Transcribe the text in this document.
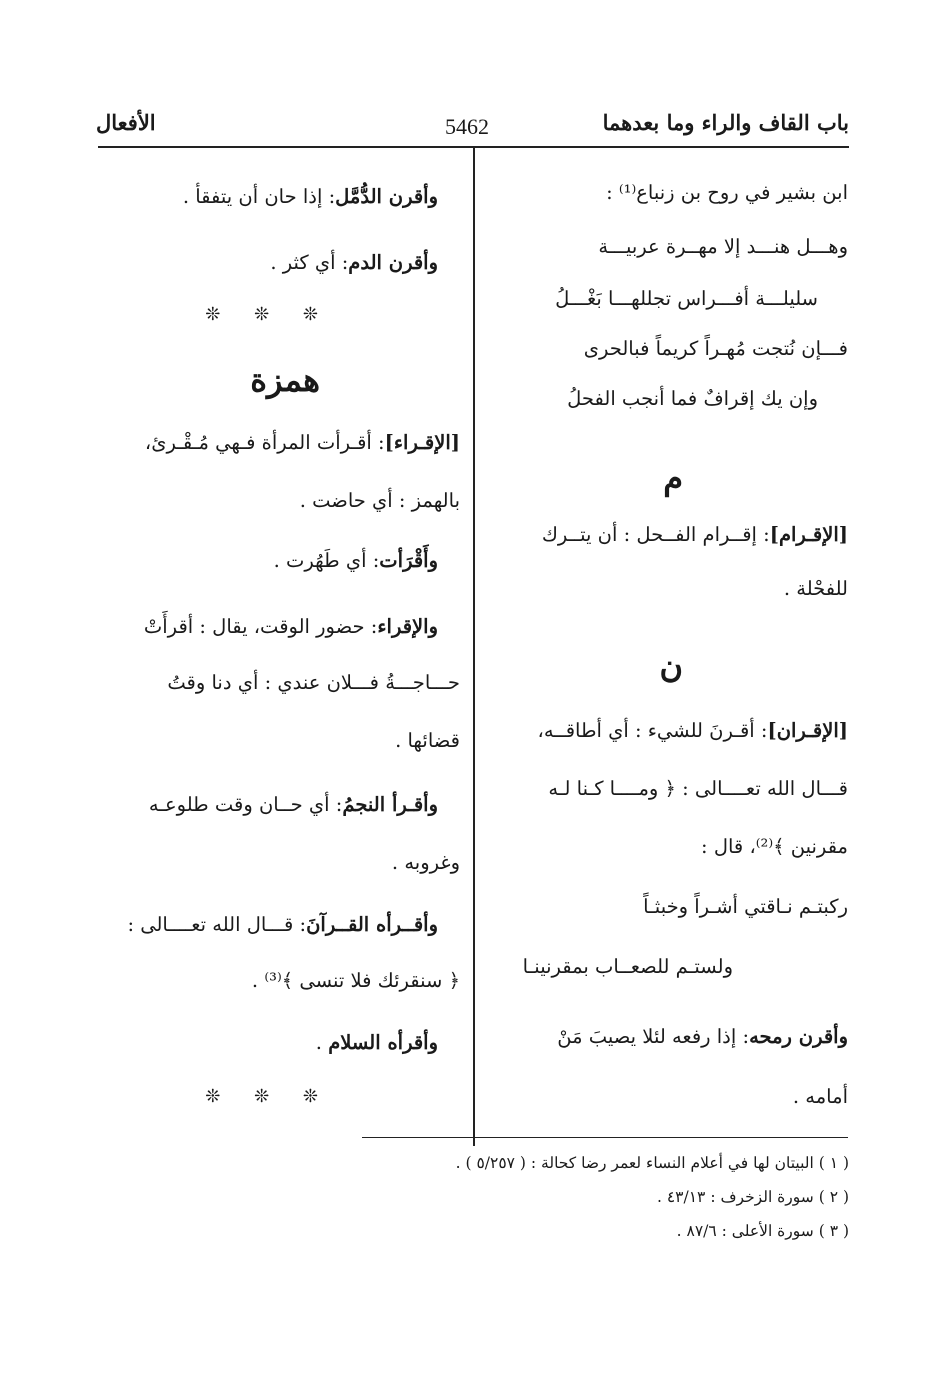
باب القاف والراء وما بعدهما
5462
الأفعال
ابن بشير في روح بن زنباع⁽¹⁾ :
وهـــل هنـــد إلا مهــرة عربيـــة
سليلـــة أفـــراس تجللهـــا بَغْـــلُ
فـــإن نُتجت مُهـراً كريماً فبالحرى
وإن يك إقرافٌ فما أنجب الفحلُ
م
[الإقـرام]: إقــرام الفــحل : أن يتــرك
للفحْلة .
ن
[الإقـران]: أقـرنَ للشيء : أي أطاقــه،
قـــال الله تعــــالى : ﴿ ومــــا كـنا لـه
مقرنين ﴾⁽²⁾، قال :
ركبتـم نـاقتي أشـراً وخبثـاً
ولستـم للصعــاب بمقرنينـا
وأقرن رمحه: إذا رفعه لئلا يصيبَ مَنْ
أمامه .
وأقرن الدُّمَّل: إذا حان أن يتفقأ .
وأقرن الدم: أي كثر .
❊ ❊ ❊
همزة
[الإقـراء]: أقـرأت المرأة فـهي مُـقْـرئ،
بالهمز : أي حاضت .
وأَقْرَأت: أي طَهُرت .
والإقراء: حضور الوقت، يقال : أقرأَتْ
حـــاجـــةُ فـــلان عندي : أي دنا وقتُ
قضائها .
وأقـرأ النجمُ: أي حــان وقت طلوعـه
وغروبه .
وأقــرأه القــرآنَ: قـــال الله تعــــالى :
﴿ سنقرئك فلا تنسى ﴾⁽³⁾ .
وأقرأه السلام .
❊ ❊ ❊
( ١ ) البيتان لها في أعلام النساء لعمر رضا كحالة : ( ٥/٢٥٧ ) .
( ٢ ) سورة الزخرف : ٤٣/١٣ .
( ٣ ) سورة الأعلى : ٨٧/٦ .
